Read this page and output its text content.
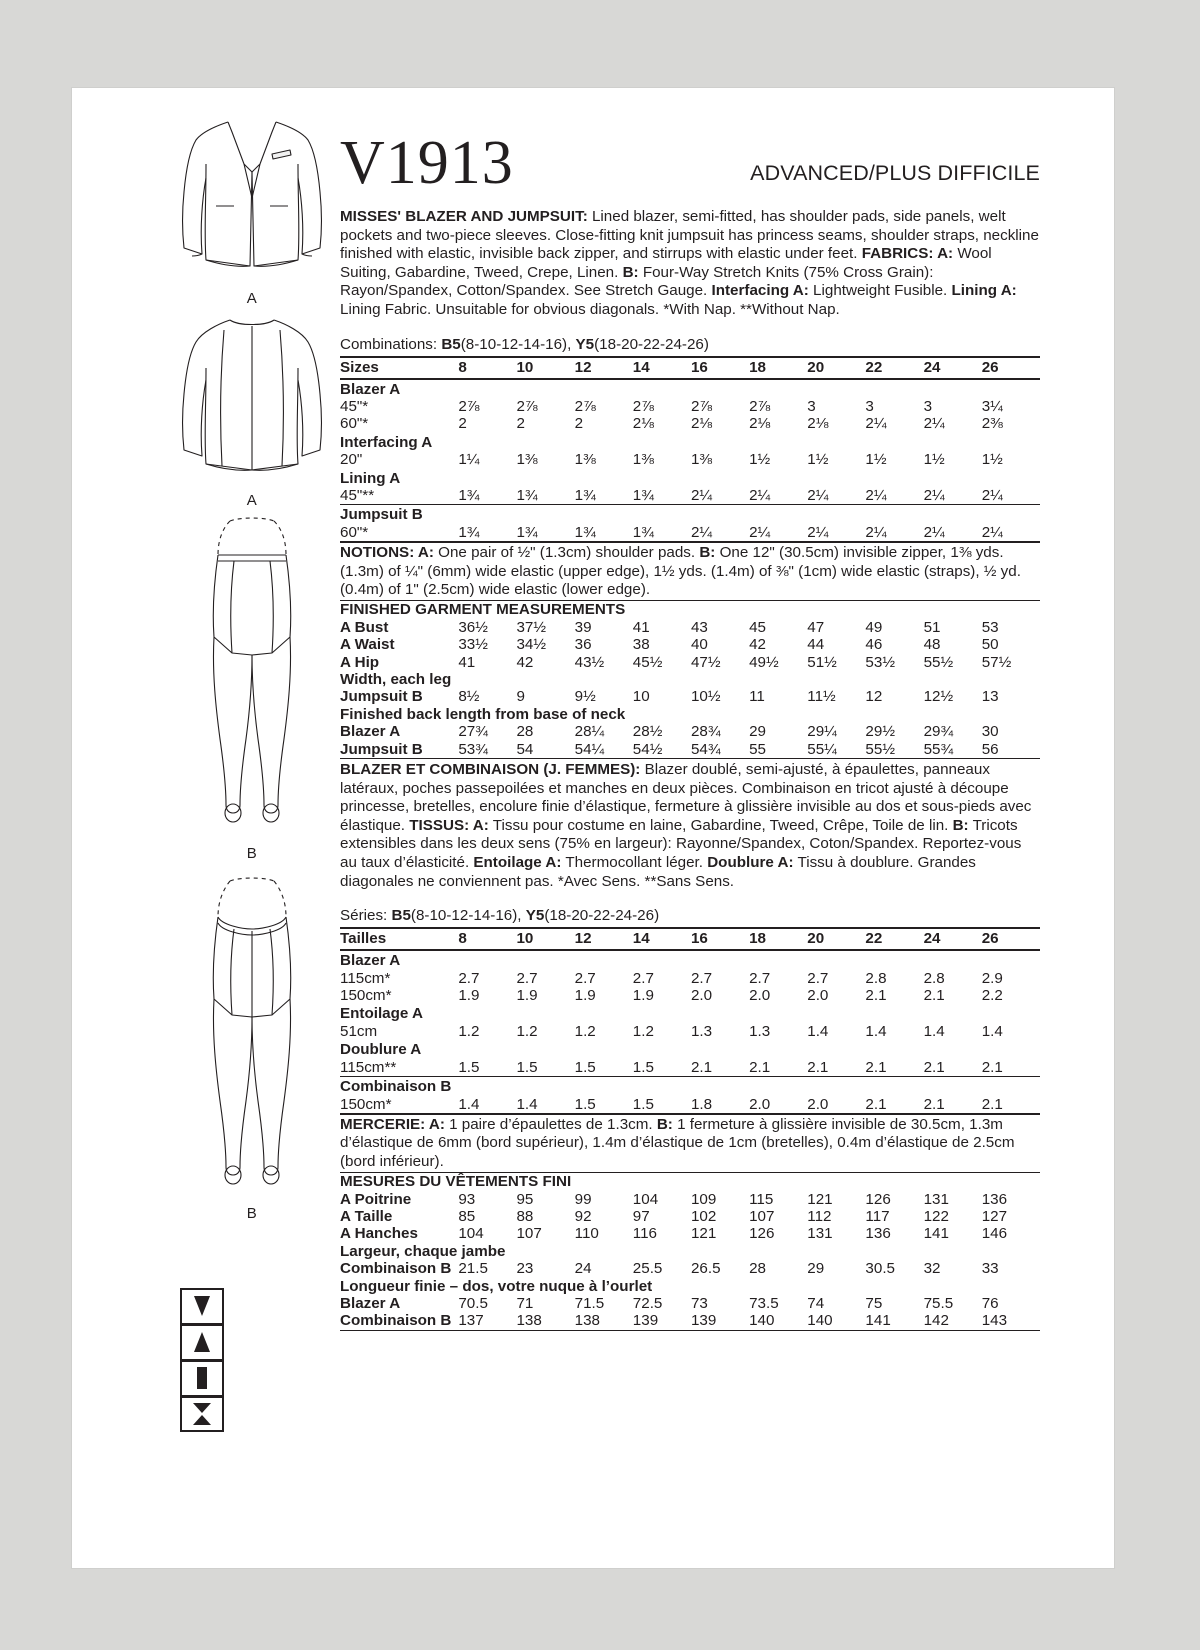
A
A
B
B
V1913	ADVANCED/PLUS DIFFICILE

MISSES' BLAZER AND JUMPSUIT: Lined blazer, semi-fitted, has shoulder pads, side panels, welt pockets and two-piece sleeves. Close-fitting knit jumpsuit has princess seams, shoulder straps, neckline finished with elastic, invisible back zipper, and stirrups with elastic under feet. FABRICS: A: Wool Suiting, Gabardine, Tweed, Crepe, Linen. B: Four-Way Stretch Knits (75% Cross Grain): Rayon/Spandex, Cotton/Spandex. See Stretch Gauge. Interfacing A: Lightweight Fusible. Lining A: Lining Fabric. Unsuitable for obvious diagonals. *With Nap. **Without Nap.

Combinations: B5(8-10-12-14-16), Y5(18-20-22-24-26)
Sizes	8	10	12	14	16	18	20	22	24	26
Blazer A										
45"*	2⅞	2⅞	2⅞	2⅞	2⅞	2⅞	3	3	3	3¼
60"*	2	2	2	2⅛	2⅛	2⅛	2⅛	2¼	2¼	2⅜
Interfacing A										
20"	1¼	1⅜	1⅜	1⅜	1⅜	1½	1½	1½	1½	1½
Lining A										
45"**	1¾	1¾	1¾	1¾	2¼	2¼	2¼	2¼	2¼	2¼
Jumpsuit B										
60"*	1¾	1¾	1¾	1¾	2¼	2¼	2¼	2¼	2¼	2¼

NOTIONS: A: One pair of ½" (1.3cm) shoulder pads. B: One 12" (30.5cm) invisible zipper, 1⅜ yds. (1.3m) of ¼" (6mm) wide elastic (upper edge), 1½ yds. (1.4m) of ⅜" (1cm) wide elastic (straps), ½ yd. (0.4m) of 1" (2.5cm) wide elastic (lower edge).

FINISHED GARMENT MEASUREMENTS										
A Bust	36½	37½	39	41	43	45	47	49	51	53
A Waist	33½	34½	36	38	40	42	44	46	48	50
A Hip	41	42	43½	45½	47½	49½	51½	53½	55½	57½
Width, each leg										
Jumpsuit B	8½	9	9½	10	10½	11	11½	12	12½	13
Finished back length from base of neck										
Blazer A	27¾	28	28¼	28½	28¾	29	29¼	29½	29¾	30
Jumpsuit B	53¾	54	54¼	54½	54¾	55	55¼	55½	55¾	56

BLAZER ET COMBINAISON (J. FEMMES): Blazer doublé, semi-ajusté, à épaulettes, panneaux latéraux, poches passepoilées et manches en deux pièces. Combinaison en tricot ajusté à découpe princesse, bretelles, encolure finie d’élastique, fermeture à glissière invisible au dos et sous-pieds avec élastique. TISSUS: A: Tissu pour costume en laine, Gabardine, Tweed, Crêpe, Toile de lin. B: Tricots extensibles dans les deux sens (75% en largeur): Rayonne/Spandex, Coton/Spandex. Reportez-vous au taux d’élasticité. Entoilage A: Thermocollant léger. Doublure A: Tissu à doublure. Grandes diagonales ne conviennent pas. *Avec Sens. **Sans Sens.

Séries: B5(8-10-12-14-16), Y5(18-20-22-24-26)
Tailles	8	10	12	14	16	18	20	22	24	26
Blazer A										
115cm*	2.7	2.7	2.7	2.7	2.7	2.7	2.7	2.8	2.8	2.9
150cm*	1.9	1.9	1.9	1.9	2.0	2.0	2.0	2.1	2.1	2.2
Entoilage A										
51cm	1.2	1.2	1.2	1.2	1.3	1.3	1.4	1.4	1.4	1.4
Doublure A										
115cm**	1.5	1.5	1.5	1.5	2.1	2.1	2.1	2.1	2.1	2.1
Combinaison B										
150cm*	1.4	1.4	1.5	1.5	1.8	2.0	2.0	2.1	2.1	2.1

MERCERIE: A: 1 paire d’épaulettes de 1.3cm. B: 1 fermeture à glissière invisible de 30.5cm, 1.3m d’élastique de 6mm (bord supérieur), 1.4m d’élastique de 1cm (bretelles), 0.4m d’élastique de 2.5cm (bord inférieur).

MESURES DU VÊTEMENTS FINI										
A Poitrine	93	95	99	104	109	115	121	126	131	136
A Taille	85	88	92	97	102	107	112	117	122	127
A Hanches	104	107	110	116	121	126	131	136	141	146
Largeur, chaque jambe										
Combinaison B	21.5	23	24	25.5	26.5	28	29	30.5	32	33
Longueur finie – dos, votre nuque à l’ourlet										
Blazer A	70.5	71	71.5	72.5	73	73.5	74	75	75.5	76
Combinaison B	137	138	138	139	139	140	140	141	142	143
